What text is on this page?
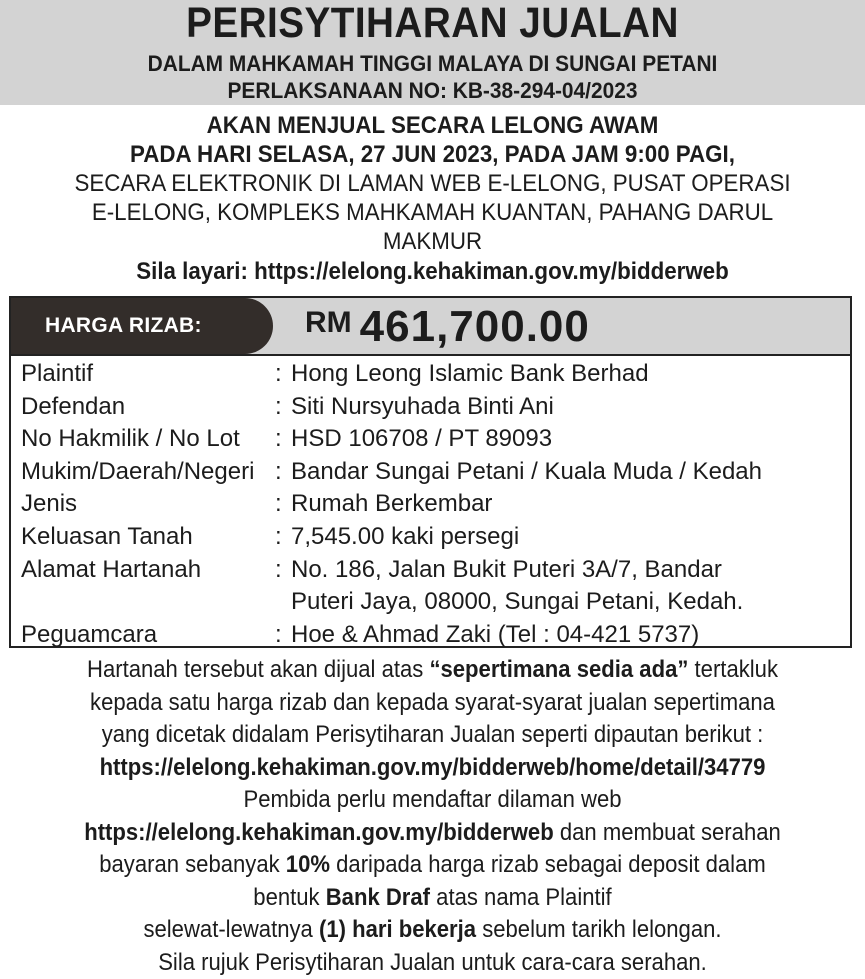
PERISYTIHARAN JUALAN
DALAM MAHKAMAH TINGGI MALAYA DI SUNGAI PETANI
PERLAKSANAAN NO: KB-38-294-04/2023
AKAN MENJUAL SECARA LELONG AWAM
PADA HARI SELASA, 27 JUN 2023, PADA JAM 9:00 PAGI,
SECARA ELEKTRONIK DI LAMAN WEB E-LELONG, PUSAT OPERASI
E-LELONG, KOMPLEKS MAHKAMAH KUANTAN, PAHANG DARUL
MAKMUR
Sila layari: https://elelong.kehakiman.gov.my/bidderweb
HARGA RIZAB:	RM 461,700.00
Plaintif	: Hong Leong Islamic Bank Berhad
Defendan	: Siti Nursyuhada Binti Ani
No Hakmilik / No Lot	: HSD 106708 / PT 89093
Mukim/Daerah/Negeri : Bandar Sungai Petani / Kuala Muda / Kedah
Jenis	: Rumah Berkembar
Keluasan Tanah	: 7,545.00 kaki persegi
Alamat Hartanah	: No. 186, Jalan Bukit Puteri 3A/7, Bandar
Puteri Jaya, 08000, Sungai Petani, Kedah.
Peguamcara	: Hoe & Ahmad Zaki (Tel : 04-421 5737)
Hartanah tersebut akan dijual atas “sepertimana sedia ada” tertakluk
kepada satu harga rizab dan kepada syarat-syarat jualan sepertimana
yang dicetak didalam Perisytiharan Jualan seperti dipautan berikut :
https://elelong.kehakiman.gov.my/bidderweb/home/detail/34779
Pembida perlu mendaftar dilaman web
https://elelong.kehakiman.gov.my/bidderweb dan membuat serahan
bayaran sebanyak 10% daripada harga rizab sebagai deposit dalam
bentuk Bank Draf atas nama Plaintif
selewat-lewatnya (1) hari bekerja sebelum tarikh lelongan.
Sila rujuk Perisytiharan Jualan untuk cara-cara serahan.
